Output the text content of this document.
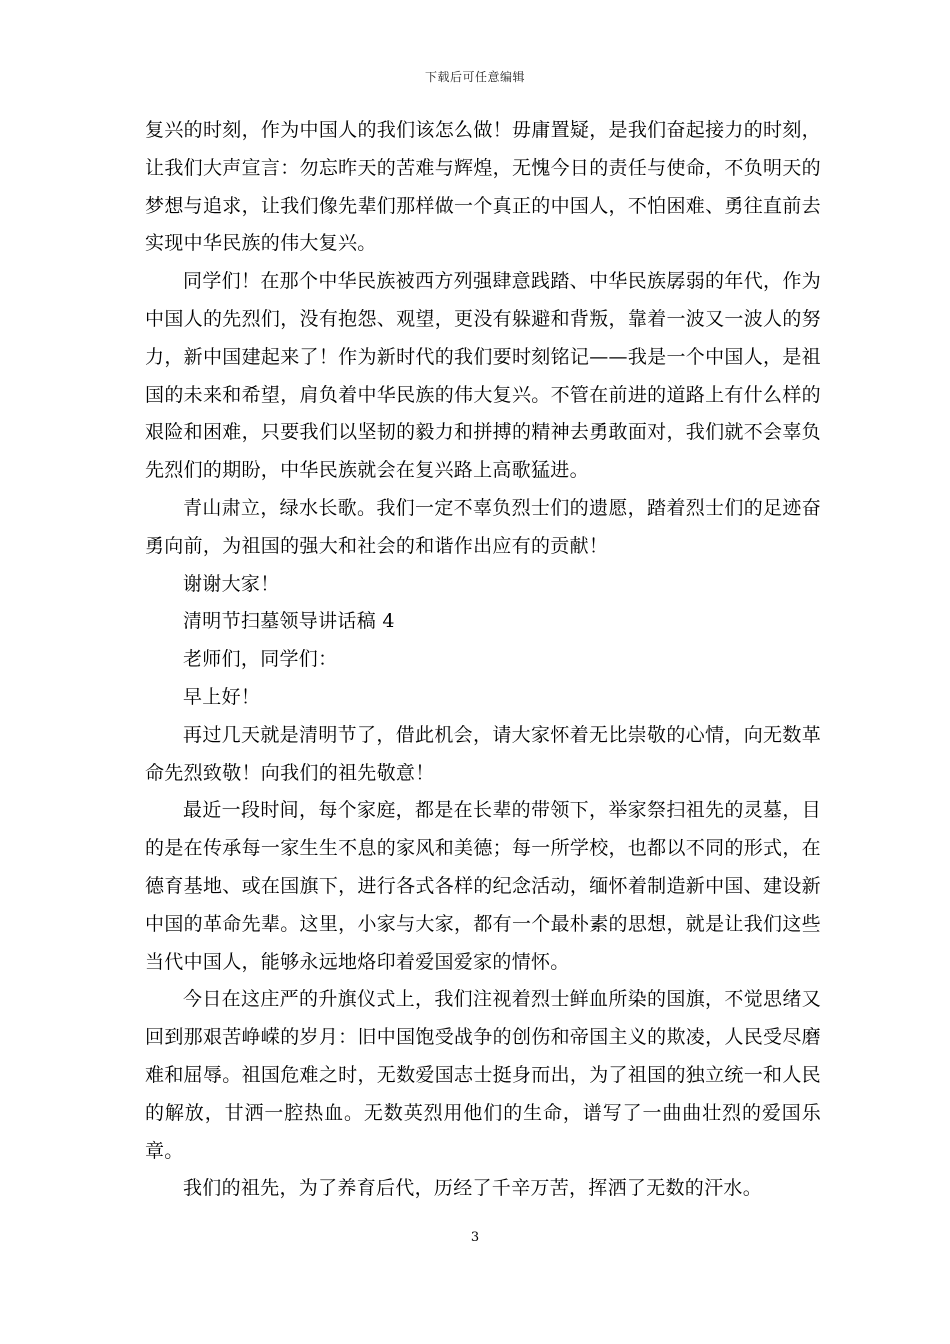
下载后可任意编辑

复兴的时刻，作为中国人的我们该怎么做！毋庸置疑，是我们奋起接力的时刻，让我们大声宣言：勿忘昨天的苦难与辉煌，无愧今日的责任与使命，不负明天的梦想与追求，让我们像先辈们那样做一个真正的中国人，不怕困难、勇往直前去实现中华民族的伟大复兴。

同学们！在那个中华民族被西方列强肆意践踏、中华民族孱弱的年代，作为中国人的先烈们，没有抱怨、观望，更没有躲避和背叛，靠着一波又一波人的努力，新中国建起来了！作为新时代的我们要时刻铭记——我是一个中国人，是祖国的未来和希望，肩负着中华民族的伟大复兴。不管在前进的道路上有什么样的艰险和困难，只要我们以坚韧的毅力和拼搏的精神去勇敢面对，我们就不会辜负先烈们的期盼，中华民族就会在复兴路上高歌猛进。

青山肃立，绿水长歌。我们一定不辜负烈士们的遗愿，踏着烈士们的足迹奋勇向前，为祖国的强大和社会的和谐作出应有的贡献！

谢谢大家！

清明节扫墓领导讲话稿 4

老师们，同学们：

早上好！

再过几天就是清明节了，借此机会，请大家怀着无比崇敬的心情，向无数革命先烈致敬！向我们的祖先敬意！

最近一段时间，每个家庭，都是在长辈的带领下，举家祭扫祖先的灵墓，目的是在传承每一家生生不息的家风和美德；每一所学校，也都以不同的形式，在德育基地、或在国旗下，进行各式各样的纪念活动，缅怀着制造新中国、建设新中国的革命先辈。这里，小家与大家，都有一个最朴素的思想，就是让我们这些当代中国人，能够永远地烙印着爱国爱家的情怀。

今日在这庄严的升旗仪式上，我们注视着烈士鲜血所染的国旗，不觉思绪又回到那艰苦峥嵘的岁月：旧中国饱受战争的创伤和帝国主义的欺凌，人民受尽磨难和屈辱。祖国危难之时，无数爱国志士挺身而出，为了祖国的独立统一和人民的解放，甘洒一腔热血。无数英烈用他们的生命，谱写了一曲曲壮烈的爱国乐章。

我们的祖先，为了养育后代，历经了千辛万苦，挥洒了无数的汗水。

3
